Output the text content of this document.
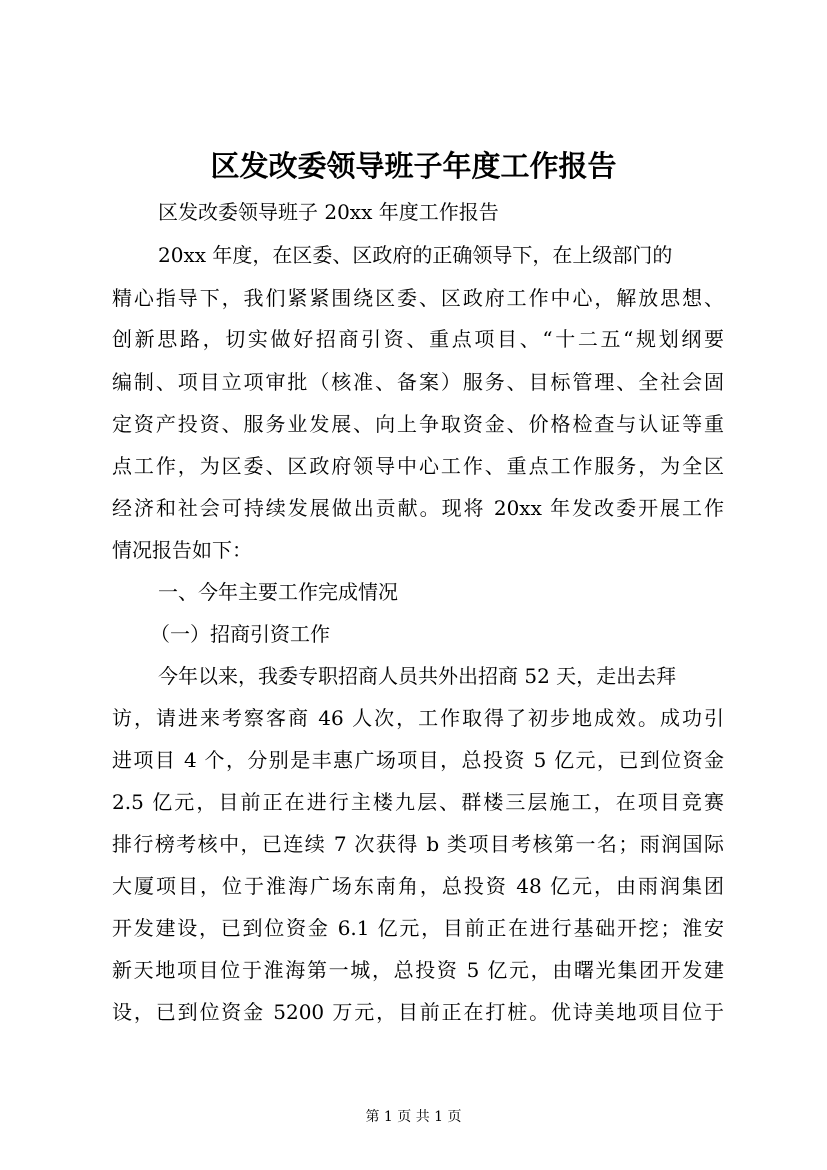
区发改委领导班子年度工作报告
区发改委领导班子 20xx 年度工作报告
20xx 年度，在区委、区政府的正确领导下，在上级部门的
精心指导下，我们紧紧围绕区委、区政府工作中心，解放思想、
创新思路，切实做好招商引资、重点项目、“十二五“规划纲要
编制、项目立项审批（核准、备案）服务、目标管理、全社会固
定资产投资、服务业发展、向上争取资金、价格检查与认证等重
点工作，为区委、区政府领导中心工作、重点工作服务，为全区
经济和社会可持续发展做出贡献。现将 20xx 年发改委开展工作
情况报告如下：
一、今年主要工作完成情况
（一）招商引资工作
今年以来，我委专职招商人员共外出招商 52 天，走出去拜
访，请进来考察客商 46 人次，工作取得了初步地成效。成功引
进项目 4 个，分别是丰惠广场项目，总投资 5 亿元，已到位资金
2.5 亿元，目前正在进行主楼九层、群楼三层施工，在项目竞赛
排行榜考核中，已连续 7 次获得 b 类项目考核第一名；雨润国际
大厦项目，位于淮海广场东南角，总投资 48 亿元，由雨润集团
开发建设，已到位资金 6.1 亿元，目前正在进行基础开挖；淮安
新天地项目位于淮海第一城，总投资 5 亿元，由曙光集团开发建
设，已到位资金 5200 万元，目前正在打桩。优诗美地项目位于
第 1 页 共 1 页
